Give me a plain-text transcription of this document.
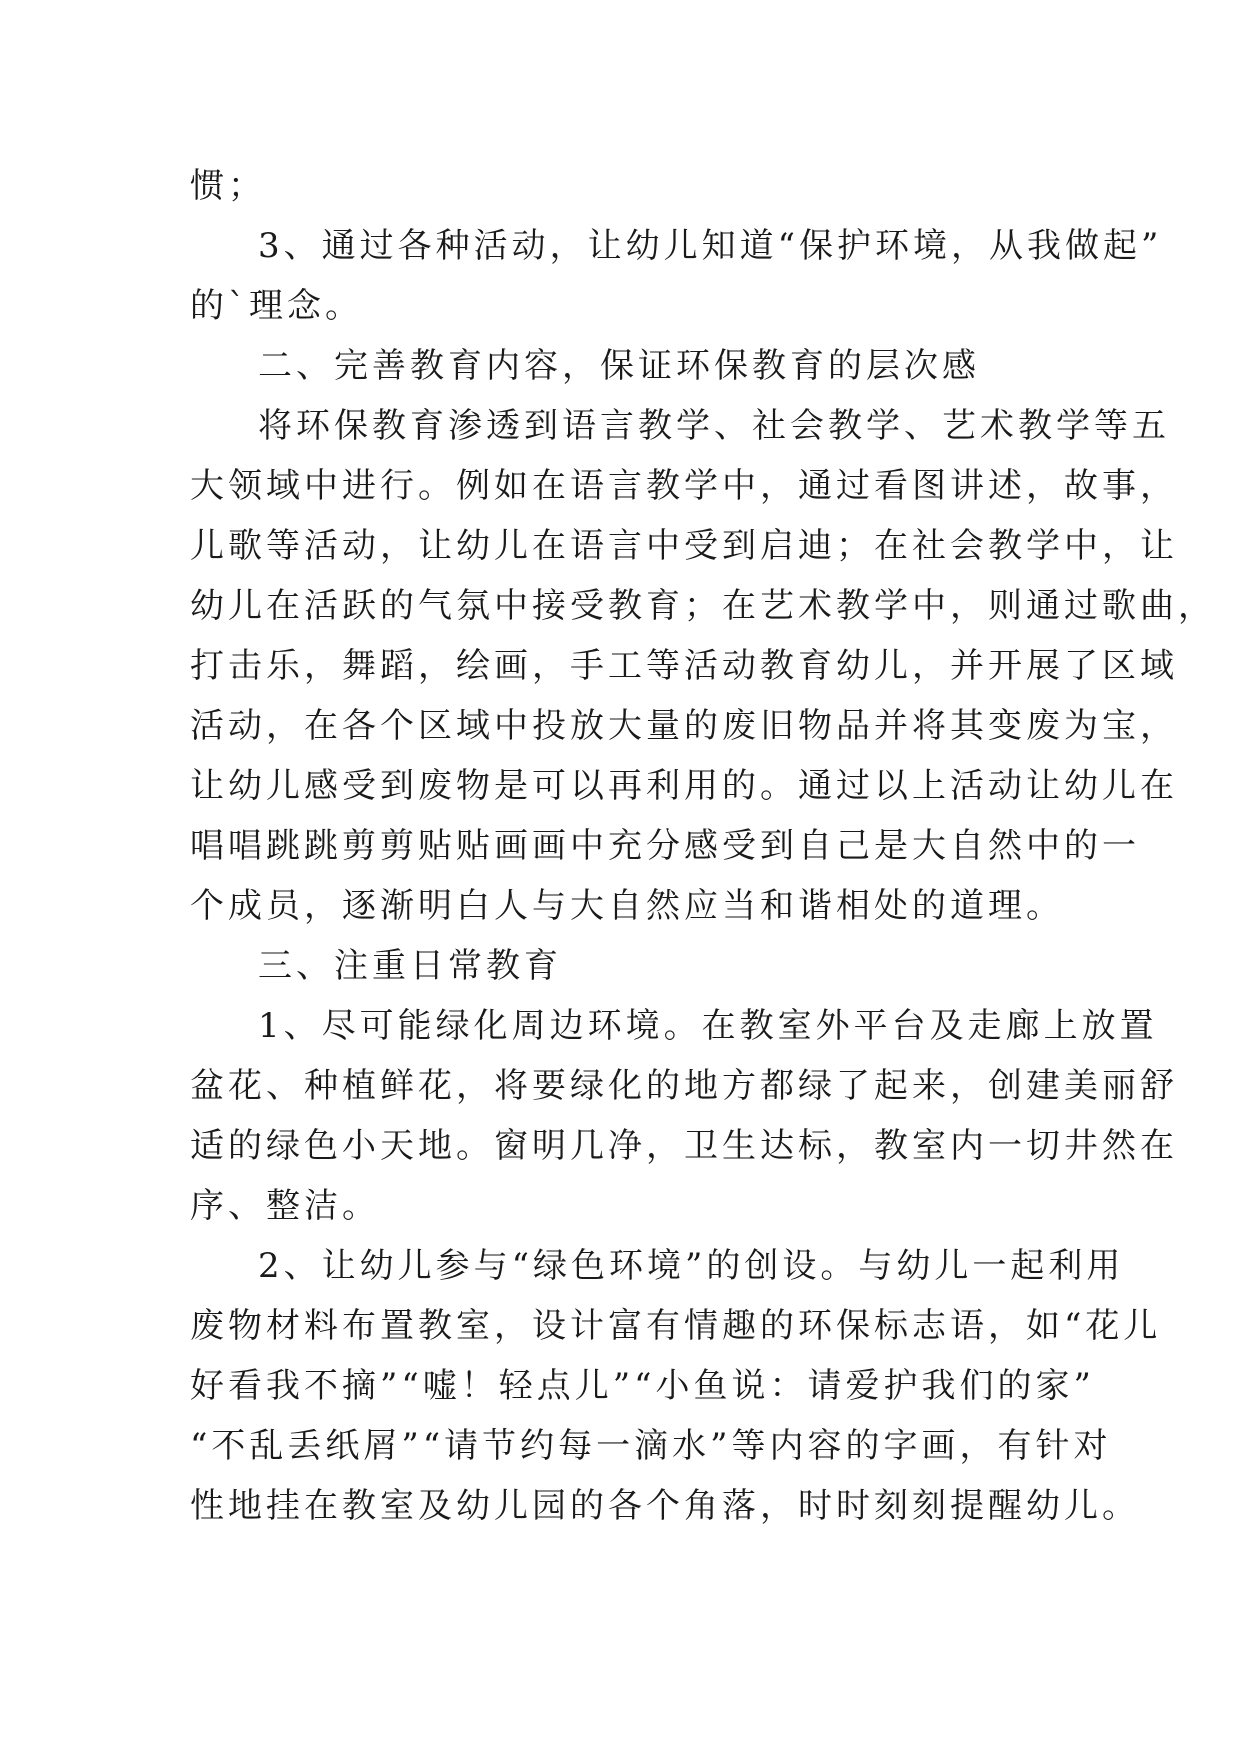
惯；
3、通过各种活动，让幼儿知道“保护环境，从我做起”
的`理念。
二、完善教育内容，保证环保教育的层次感
将环保教育渗透到语言教学、社会教学、艺术教学等五
大领域中进行。例如在语言教学中，通过看图讲述，故事，
儿歌等活动，让幼儿在语言中受到启迪；在社会教学中，让
幼儿在活跃的气氛中接受教育；在艺术教学中，则通过歌曲，
打击乐，舞蹈，绘画，手工等活动教育幼儿，并开展了区域
活动，在各个区域中投放大量的废旧物品并将其变废为宝，
让幼儿感受到废物是可以再利用的。通过以上活动让幼儿在
唱唱跳跳剪剪贴贴画画中充分感受到自己是大自然中的一
个成员，逐渐明白人与大自然应当和谐相处的道理。
三、注重日常教育
1、尽可能绿化周边环境。在教室外平台及走廊上放置
盆花、种植鲜花，将要绿化的地方都绿了起来，创建美丽舒
适的绿色小天地。窗明几净，卫生达标，教室内一切井然在
序、整洁。
2、让幼儿参与“绿色环境”的创设。与幼儿一起利用
废物材料布置教室，设计富有情趣的环保标志语，如“花儿
好看我不摘”“嘘！轻点儿”“小鱼说：请爱护我们的家”
“不乱丢纸屑”“请节约每一滴水”等内容的字画，有针对
性地挂在教室及幼儿园的各个角落，时时刻刻提醒幼儿。
